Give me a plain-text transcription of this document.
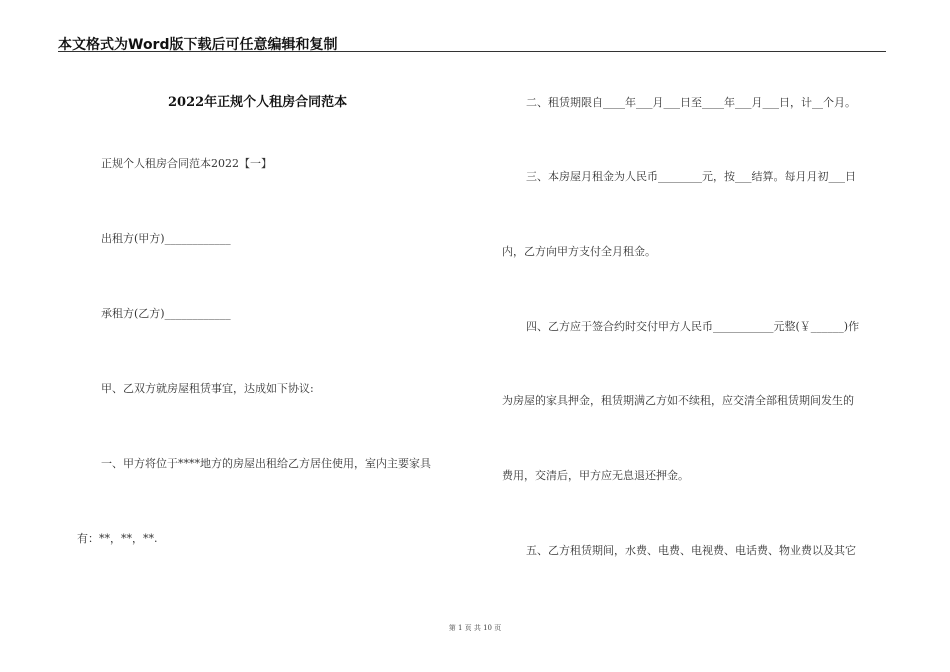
本文格式为Word版下载后可任意编辑和复制
2022年正规个人租房合同范本
正规个人租房合同范本2022【一】
出租方(甲方)____________
承租方(乙方)____________
甲、乙双方就房屋租赁事宜，达成如下协议:
一、甲方将位于****地方的房屋出租给乙方居住使用，室内主要家具
有：**，**，**.
二、租赁期限自____年___月___日至____年___月___日，计__个月。
三、本房屋月租金为人民币________元，按___结算。每月月初___日
内，乙方向甲方支付全月租金。
四、乙方应于签合约时交付甲方人民币___________元整(￥______)作
为房屋的家具押金，租赁期满乙方如不续租，应交清全部租赁期间发生的
费用，交清后，甲方应无息退还押金。
五、乙方租赁期间，水费、电费、电视费、电话费、物业费以及其它
第 1 页 共 10 页
